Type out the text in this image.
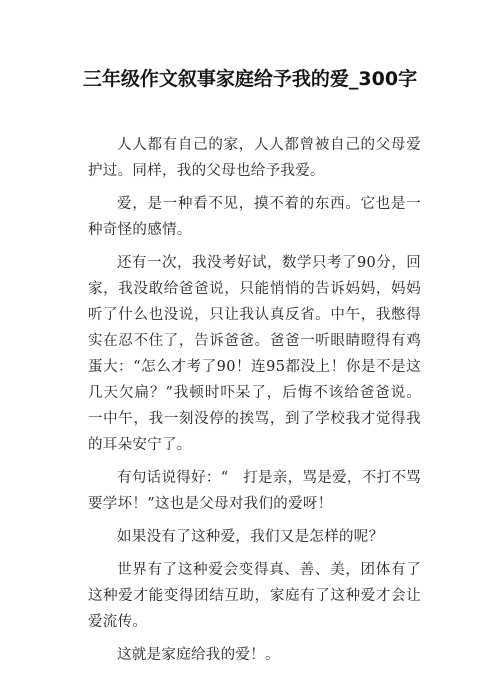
三年级作文叙事家庭给予我的爱_300字

人人都有自己的家，人人都曾被自己的父母爱护过。同样，我的父母也给予我爱。

爱，是一种看不见，摸不着的东西。它也是一种奇怪的感情。

还有一次，我没考好试，数学只考了90分，回家，我没敢给爸爸说，只能悄悄的告诉妈妈，妈妈听了什么也没说，只让我认真反省。中午，我憋得实在忍不住了，告诉爸爸。爸爸一听眼睛瞪得有鸡蛋大：“怎么才考了90！连95都没上！你是不是这几天欠扁？”我顿时吓呆了，后悔不该给爸爸说。一中午，我一刻没停的挨骂，到了学校我才觉得我的耳朵安宁了。

有句话说得好：“　打是亲，骂是爱，不打不骂要学坏！”这也是父母对我们的爱呀！

如果没有了这种爱，我们又是怎样的呢？

世界有了这种爱会变得真、善、美，团体有了这种爱才能变得团结互助，家庭有了这种爱才会让爱流传。

这就是家庭给我的爱！。
